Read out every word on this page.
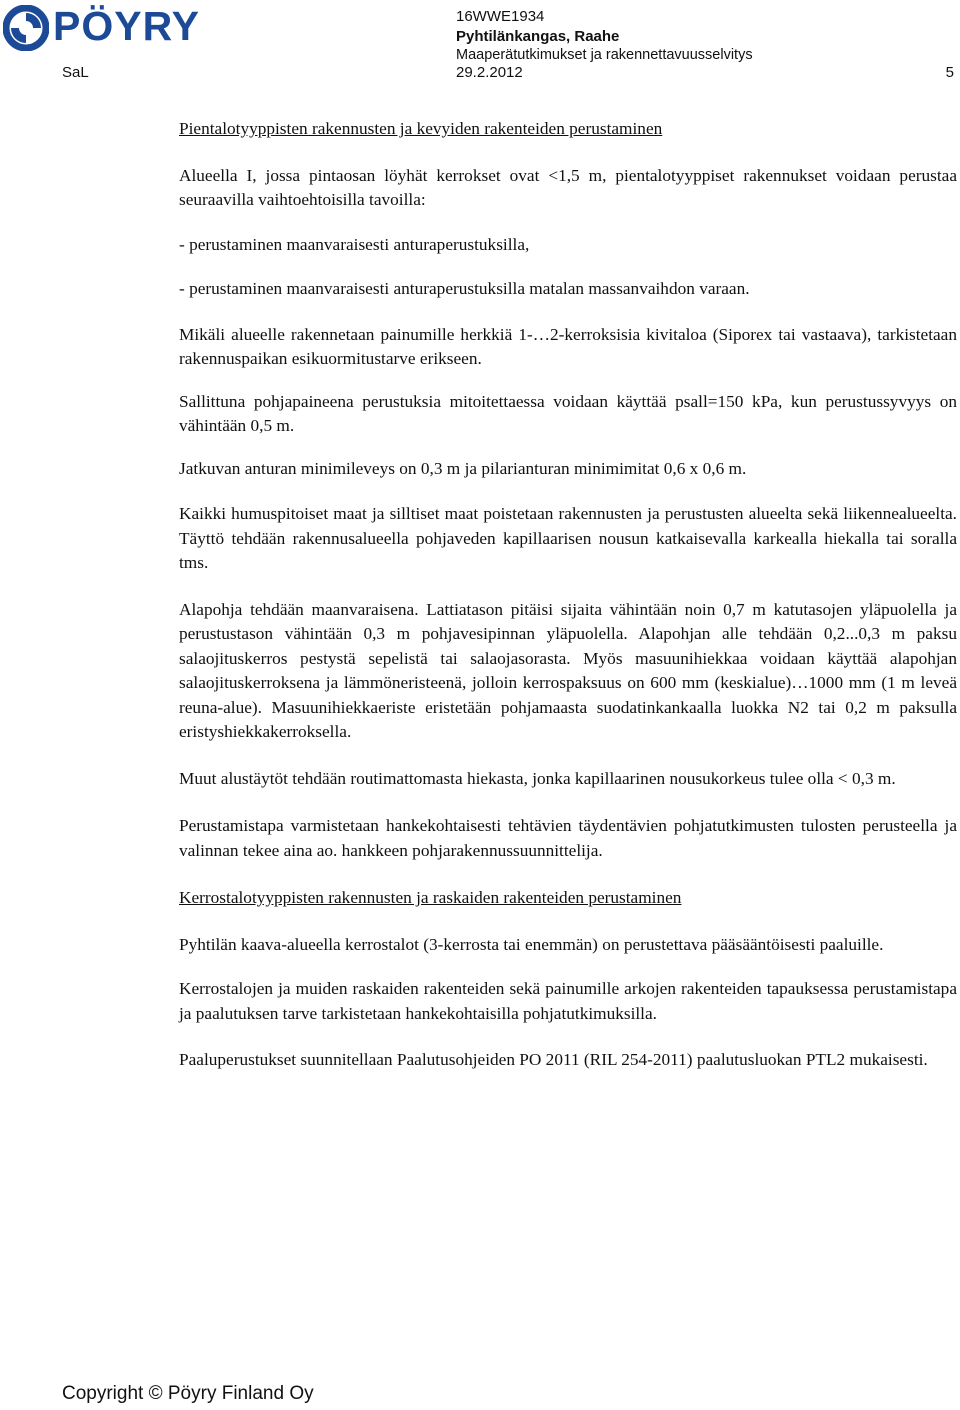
PÖYRY
SaL
16WWE1934
Pyhtilänkangas, Raahe
Maaperätutkimukset ja rakennettavuusselvitys
29.2.2012	5

Pientalotyyppisten rakennusten ja kevyiden rakenteiden perustaminen

Alueella I, jossa pintaosan löyhät kerrokset ovat <1,5 m, pientalotyyppiset rakennukset voidaan perustaa seuraavilla vaihtoehtoisilla tavoilla:

- perustaminen maanvaraisesti anturaperustuksilla,

- perustaminen maanvaraisesti anturaperustuksilla matalan massanvaihdon varaan.

Mikäli alueelle rakennetaan painumille herkkiä 1-…2-kerroksisia kivitaloa (Siporex tai vastaava), tarkistetaan rakennuspaikan esikuormitustarve erikseen.

Sallittuna pohjapaineena perustuksia mitoitettaessa voidaan käyttää psall=150 kPa, kun perustussyvyys on vähintään 0,5 m.

Jatkuvan anturan minimileveys on 0,3 m ja pilarianturan minimimitat 0,6 x 0,6 m.

Kaikki humuspitoiset maat ja silltiset maat poistetaan rakennusten ja perustusten alueelta sekä liikennealueelta. Täyttö tehdään rakennusalueella pohjaveden kapillaarisen nousun katkaisevalla karkealla hiekalla tai soralla tms.

Alapohja tehdään maanvaraisena. Lattiatason pitäisi sijaita vähintään noin 0,7 m katutasojen yläpuolella ja perustustason vähintään 0,3 m pohjavesipinnan yläpuolella. Alapohjan alle tehdään 0,2...0,3 m paksu salaojituskerros pestystä sepelistä tai salaojasorasta. Myös masuunihiekkaa voidaan käyttää alapohjan salaojituskerroksena ja lämmöneristeenä, jolloin kerrospaksuus on 600 mm (keskialue)…1000 mm (1 m leveä reuna-alue). Masuunihiekkaeriste eristetään pohjamaasta suodatinkankaalla luokka N2 tai 0,2 m paksulla eristyshiekkakerroksella.

Muut alustäytöt tehdään routimattomasta hiekasta, jonka kapillaarinen nousukorkeus tulee olla < 0,3 m.

Perustamistapa varmistetaan hankekohtaisesti tehtävien täydentävien pohjatutkimusten tulosten perusteella ja valinnan tekee aina ao. hankkeen pohjarakennussuunnittelija.

Kerrostalotyyppisten rakennusten ja raskaiden rakenteiden perustaminen

Pyhtilän kaava-alueella kerrostalot (3-kerrosta tai enemmän) on perustettava pääsääntöisesti paaluille.

Kerrostalojen ja muiden raskaiden rakenteiden sekä painumille arkojen rakenteiden tapauksessa perustamistapa ja paalutuksen tarve tarkistetaan hankekohtaisilla pohjatutkimuksilla.

Paaluperustukset suunnitellaan Paalutusohjeiden PO 2011 (RIL 254-2011) paalutusluokan PTL2 mukaisesti.

Copyright © Pöyry Finland Oy
